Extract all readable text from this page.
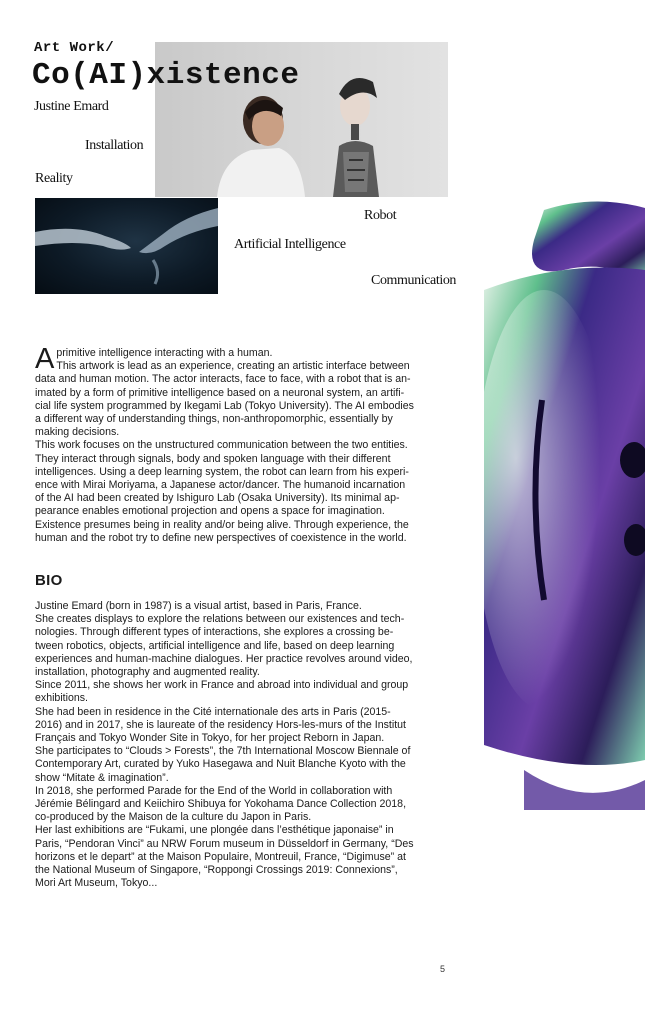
Art Work/
Co(AI)xistence
Justine Emard
Installation
Reality
Robot
Artificial Intelligence
Communication
A primitive intelligence interacting with a human.

This artwork is lead as an experience, creating an artistic interface between

data and human motion. The actor interacts, face to face, with a robot that is an-

imated by a form of primitive intelligence based on a neuronal system, an artifi-

cial life system programmed by Ikegami Lab (Tokyo University). The AI embodies

a different way of understanding things, non-anthropomorphic, essentially by

making decisions.

This work focuses on the unstructured communication between the two entities.

They interact through signals, body and spoken language with their different

intelligences. Using a deep learning system, the robot can learn from his experi-

ence with Mirai Moriyama, a Japanese actor/dancer. The humanoid incarnation

of the AI had been created by Ishiguro Lab (Osaka University). Its minimal ap-

pearance enables emotional projection and opens a space for imagination.

Existence presumes being in reality and/or being alive. Through experience, the

human and the robot try to define new perspectives of coexistence in the world.

BIO

Justine Emard (born in 1987) is a visual artist, based in Paris, France.

She creates displays to explore the relations between our existences and tech-

nologies. Through different types of interactions, she explores a crossing be-

tween robotics, objects, artificial intelligence and life, based on deep learning

experiences and human-machine dialogues. Her practice revolves around video,

installation, photography and augmented reality.

Since 2011, she shows her work in France and abroad into individual and group

exhibitions.

She had been in residence in the Cité internationale des arts in Paris (2015-

2016) and in 2017, she is laureate of the residency Hors-les-murs of the Institut

Français and Tokyo Wonder Site in Tokyo, for her project Reborn in Japan.

She participates to “Clouds > Forests”, the 7th International Moscow Biennale of

Contemporary Art, curated by Yuko Hasegawa and Nuit Blanche Kyoto with the

show “Mitate & imagination”.

In 2018, she performed Parade for the End of the World in collaboration with

Jérémie Bélingard and Keiichiro Shibuya for Yokohama Dance Collection 2018,

co-produced by the Maison de la culture du Japon in Paris.

Her last exhibitions are “Fukami, une plongée dans l’esthétique japonaise” in

Paris, “Pendoran Vinci” au NRW Forum museum in Düsseldorf in Germany, “Des

horizons et le depart” at the Maison Populaire, Montreuil, France, “Digimuse” at

the National Museum of Singapore, “Roppongi Crossings 2019: Connexions”,

Mori Art Museum, Tokyo...

5
